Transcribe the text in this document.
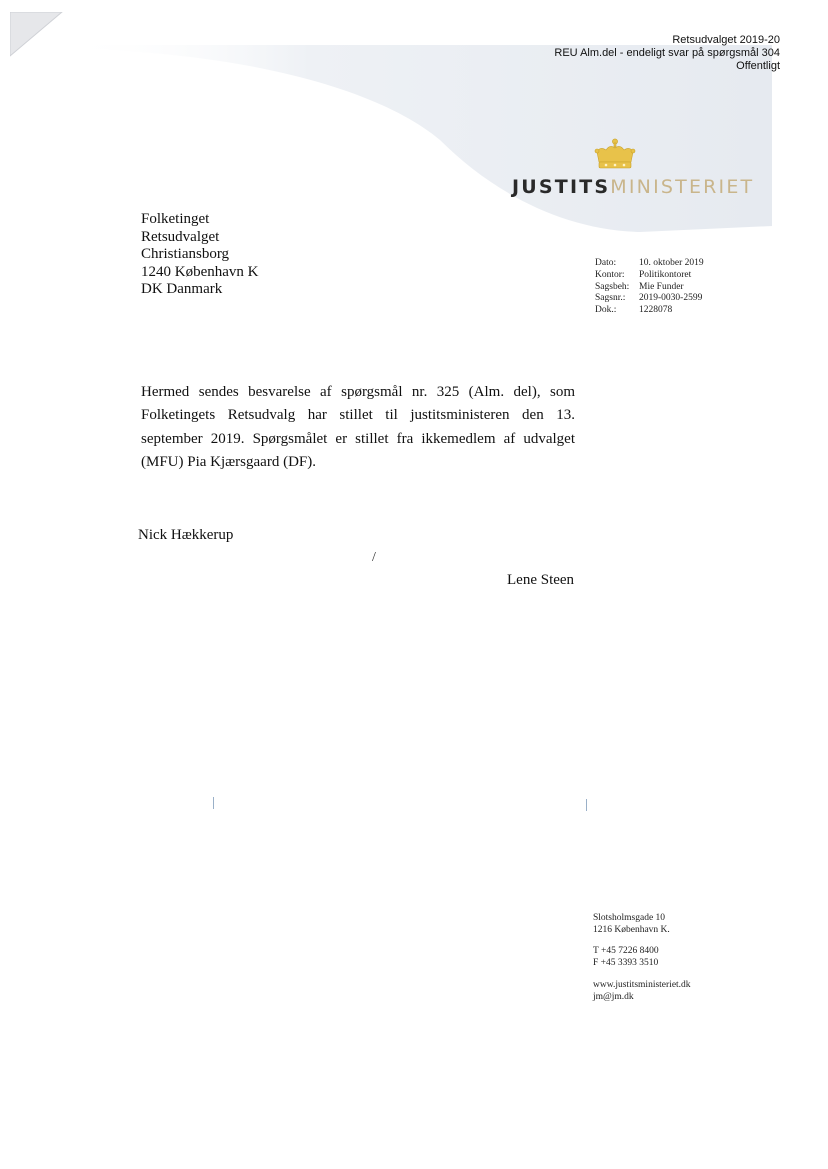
Retsudvalget 2019-20
REU Alm.del - endeligt svar på spørgsmål 304
Offentligt
JUSTITSMINISTERIET
Folketinget
Retsudvalget
Christiansborg
1240 København K
DK Danmark
Dato:	10. oktober 2019
Kontor:	Politikontoret
Sagsbeh:	Mie Funder
Sagsnr.:	2019-0030-2599
Dok.:	1228078
Hermed sendes besvarelse af spørgsmål nr. 325 (Alm. del), som Folketingets Retsudvalg har stillet til justitsministeren den 13. september 2019. Spørgsmålet er stillet fra ikkemedlem af udvalget (MFU) Pia Kjærsgaard (DF).
Nick Hækkerup
/
Lene Steen
Slotsholmsgade 10
1216 København K.
T +45 7226 8400
F +45 3393 3510
www.justitsministeriet.dk
jm@jm.dk
